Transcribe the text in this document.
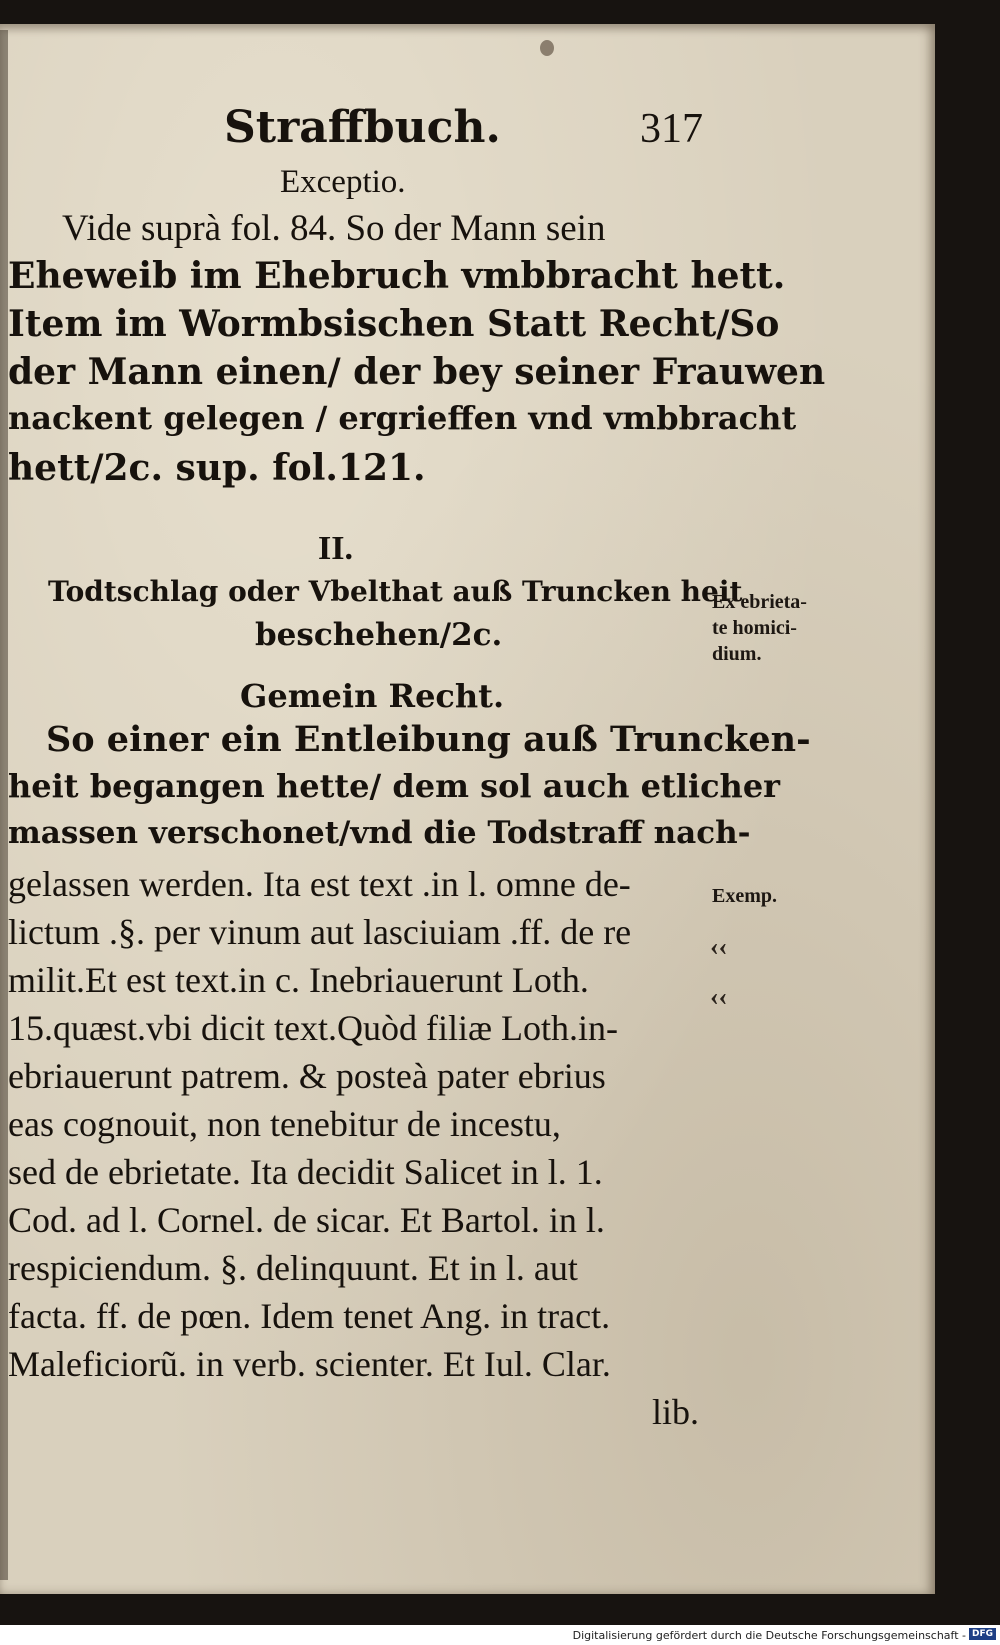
Straffbuch.	317
Exceptio.
Vide suprà fol. 84. So der Mann sein
Eheweib im Ehebruch vmbbracht hett.
Item im Wormbsischen Statt Recht/So
der Mann einen/ der bey seiner Frauwen
nackent gelegen / ergrieffen vnd vmbbracht
hett/2c. sup. fol.121.
II.
Todtschlag oder Vbelthat auß Truncken heit
beschehen/2c.
Gemein Recht.
So einer ein Entleibung auß Truncken-
heit begangen hette/ dem sol auch etlicher
massen verschonet/vnd die Todstraff nach-
gelassen werden. Ita est text .in l. omne de-
lictum .§. per vinum aut lasciuiam .ff. de re
milit.Et est text.in c. Inebriauerunt Loth.
15.quæst.vbi dicit text.Quòd filiæ Loth.in-
ebriauerunt patrem. & posteà pater ebrius
eas cognouit, non tenebitur de incestu,
sed de ebrietate. Ita decidit Salicet in l. 1.
Cod. ad l. Cornel. de sicar. Et Bartol. in l.
respiciendum. §. delinquunt. Et in l. aut
facta. ff. de pœn. Idem tenet Ang. in tract.
Maleficiorũ. in verb. scienter. Et Iul. Clar.
lib.
Ex ebrieta-
te homici-
dium.
Exemp.
‹‹
‹‹
Digitalisierung gefördert durch die Deutsche Forschungsgemeinschaft - DFG
